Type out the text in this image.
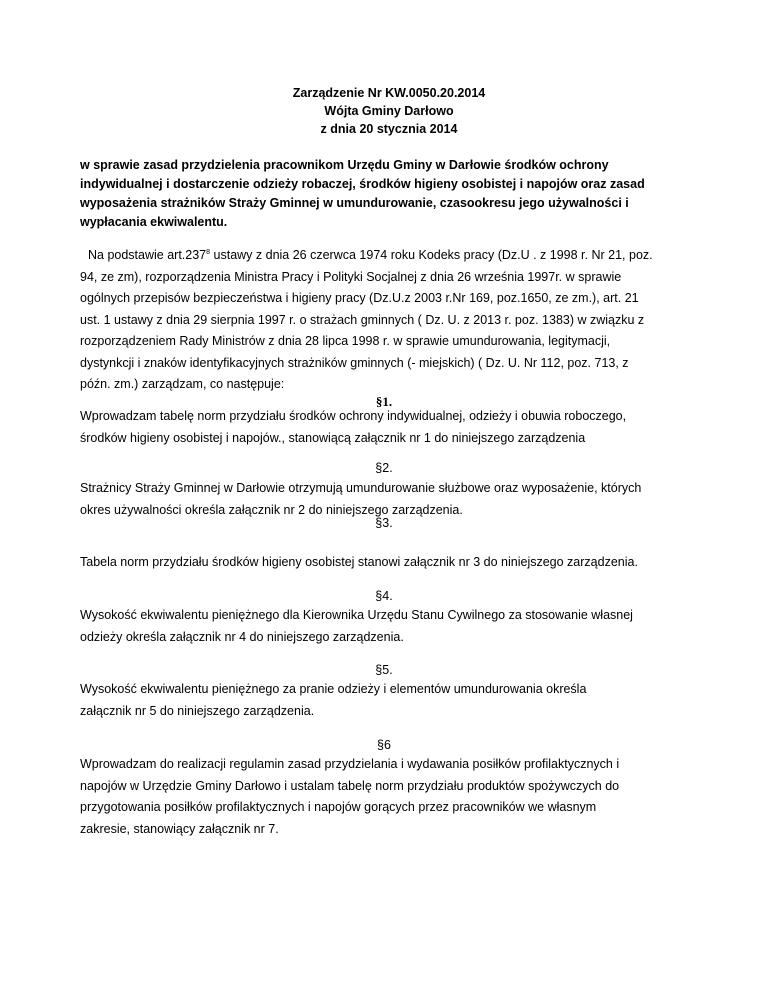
Zarządzenie Nr KW.0050.20.2014
Wójta Gminy Darłowo
z dnia 20 stycznia 2014

w sprawie zasad przydzielenia pracownikom Urzędu Gminy w Darłowie środków ochrony

indywidualnej i dostarczenie odzieży robaczej, środków higieny osobistej i napojów oraz zasad

wyposażenia strażników Straży Gminnej w umundurowanie, czasookresu jego używalności i

wypłacania ekwiwalentu.

Na podstawie art.237$^8$ ustawy z dnia 26 czerwca 1974 roku Kodeks pracy (Dz.U . z 1998 r. Nr 21, poz.

94, ze zm), rozporządzenia Ministra Pracy i Polityki Socjalnej z dnia 26 września 1997r. w sprawie

ogólnych przepisów bezpieczeństwa i higieny pracy (Dz.U.z 2003 r.Nr 169, poz.1650, ze zm.), art. 21

ust. 1 ustawy z dnia 29 sierpnia 1997 r. o strażach gminnych ( Dz. U. z 2013 r. poz. 1383) w związku z

rozporządzeniem Rady Ministrów z dnia 28 lipca 1998 r. w sprawie umundurowania, legitymacji,

dystynkcji i znaków identyfikacyjnych strażników gminnych (- miejskich) ( Dz. U. Nr 112, poz. 713, z

późn. zm.) zarządzam, co następuje:

§1.

Wprowadzam tabelę norm przydziału środków ochrony indywidualnej, odzieży i obuwia roboczego,

środków higieny osobistej i napojów., stanowiącą załącznik nr 1 do niniejszego zarządzenia

§2.

Strażnicy Straży Gminnej w Darłowie otrzymują umundurowanie służbowe oraz wyposażenie, których

okres używalności określa załącznik nr 2 do niniejszego zarządzenia.

§3.

Tabela norm przydziału środków higieny osobistej stanowi załącznik nr 3 do niniejszego zarządzenia.

§4.

Wysokość ekwiwalentu pieniężnego dla Kierownika Urzędu Stanu Cywilnego za stosowanie własnej

odzieży określa załącznik nr 4 do niniejszego zarządzenia.

§5.

Wysokość ekwiwalentu pieniężnego za pranie odzieży i elementów umundurowania określa

załącznik nr 5 do niniejszego zarządzenia.

§6

Wprowadzam do realizacji regulamin zasad przydzielania i wydawania posiłków profilaktycznych i

napojów w Urzędzie Gminy Darłowo i ustalam tabelę norm przydziału produktów spożywczych do

przygotowania posiłków profilaktycznych i napojów gorących przez pracowników we własnym

zakresie, stanowiący załącznik nr 7.
